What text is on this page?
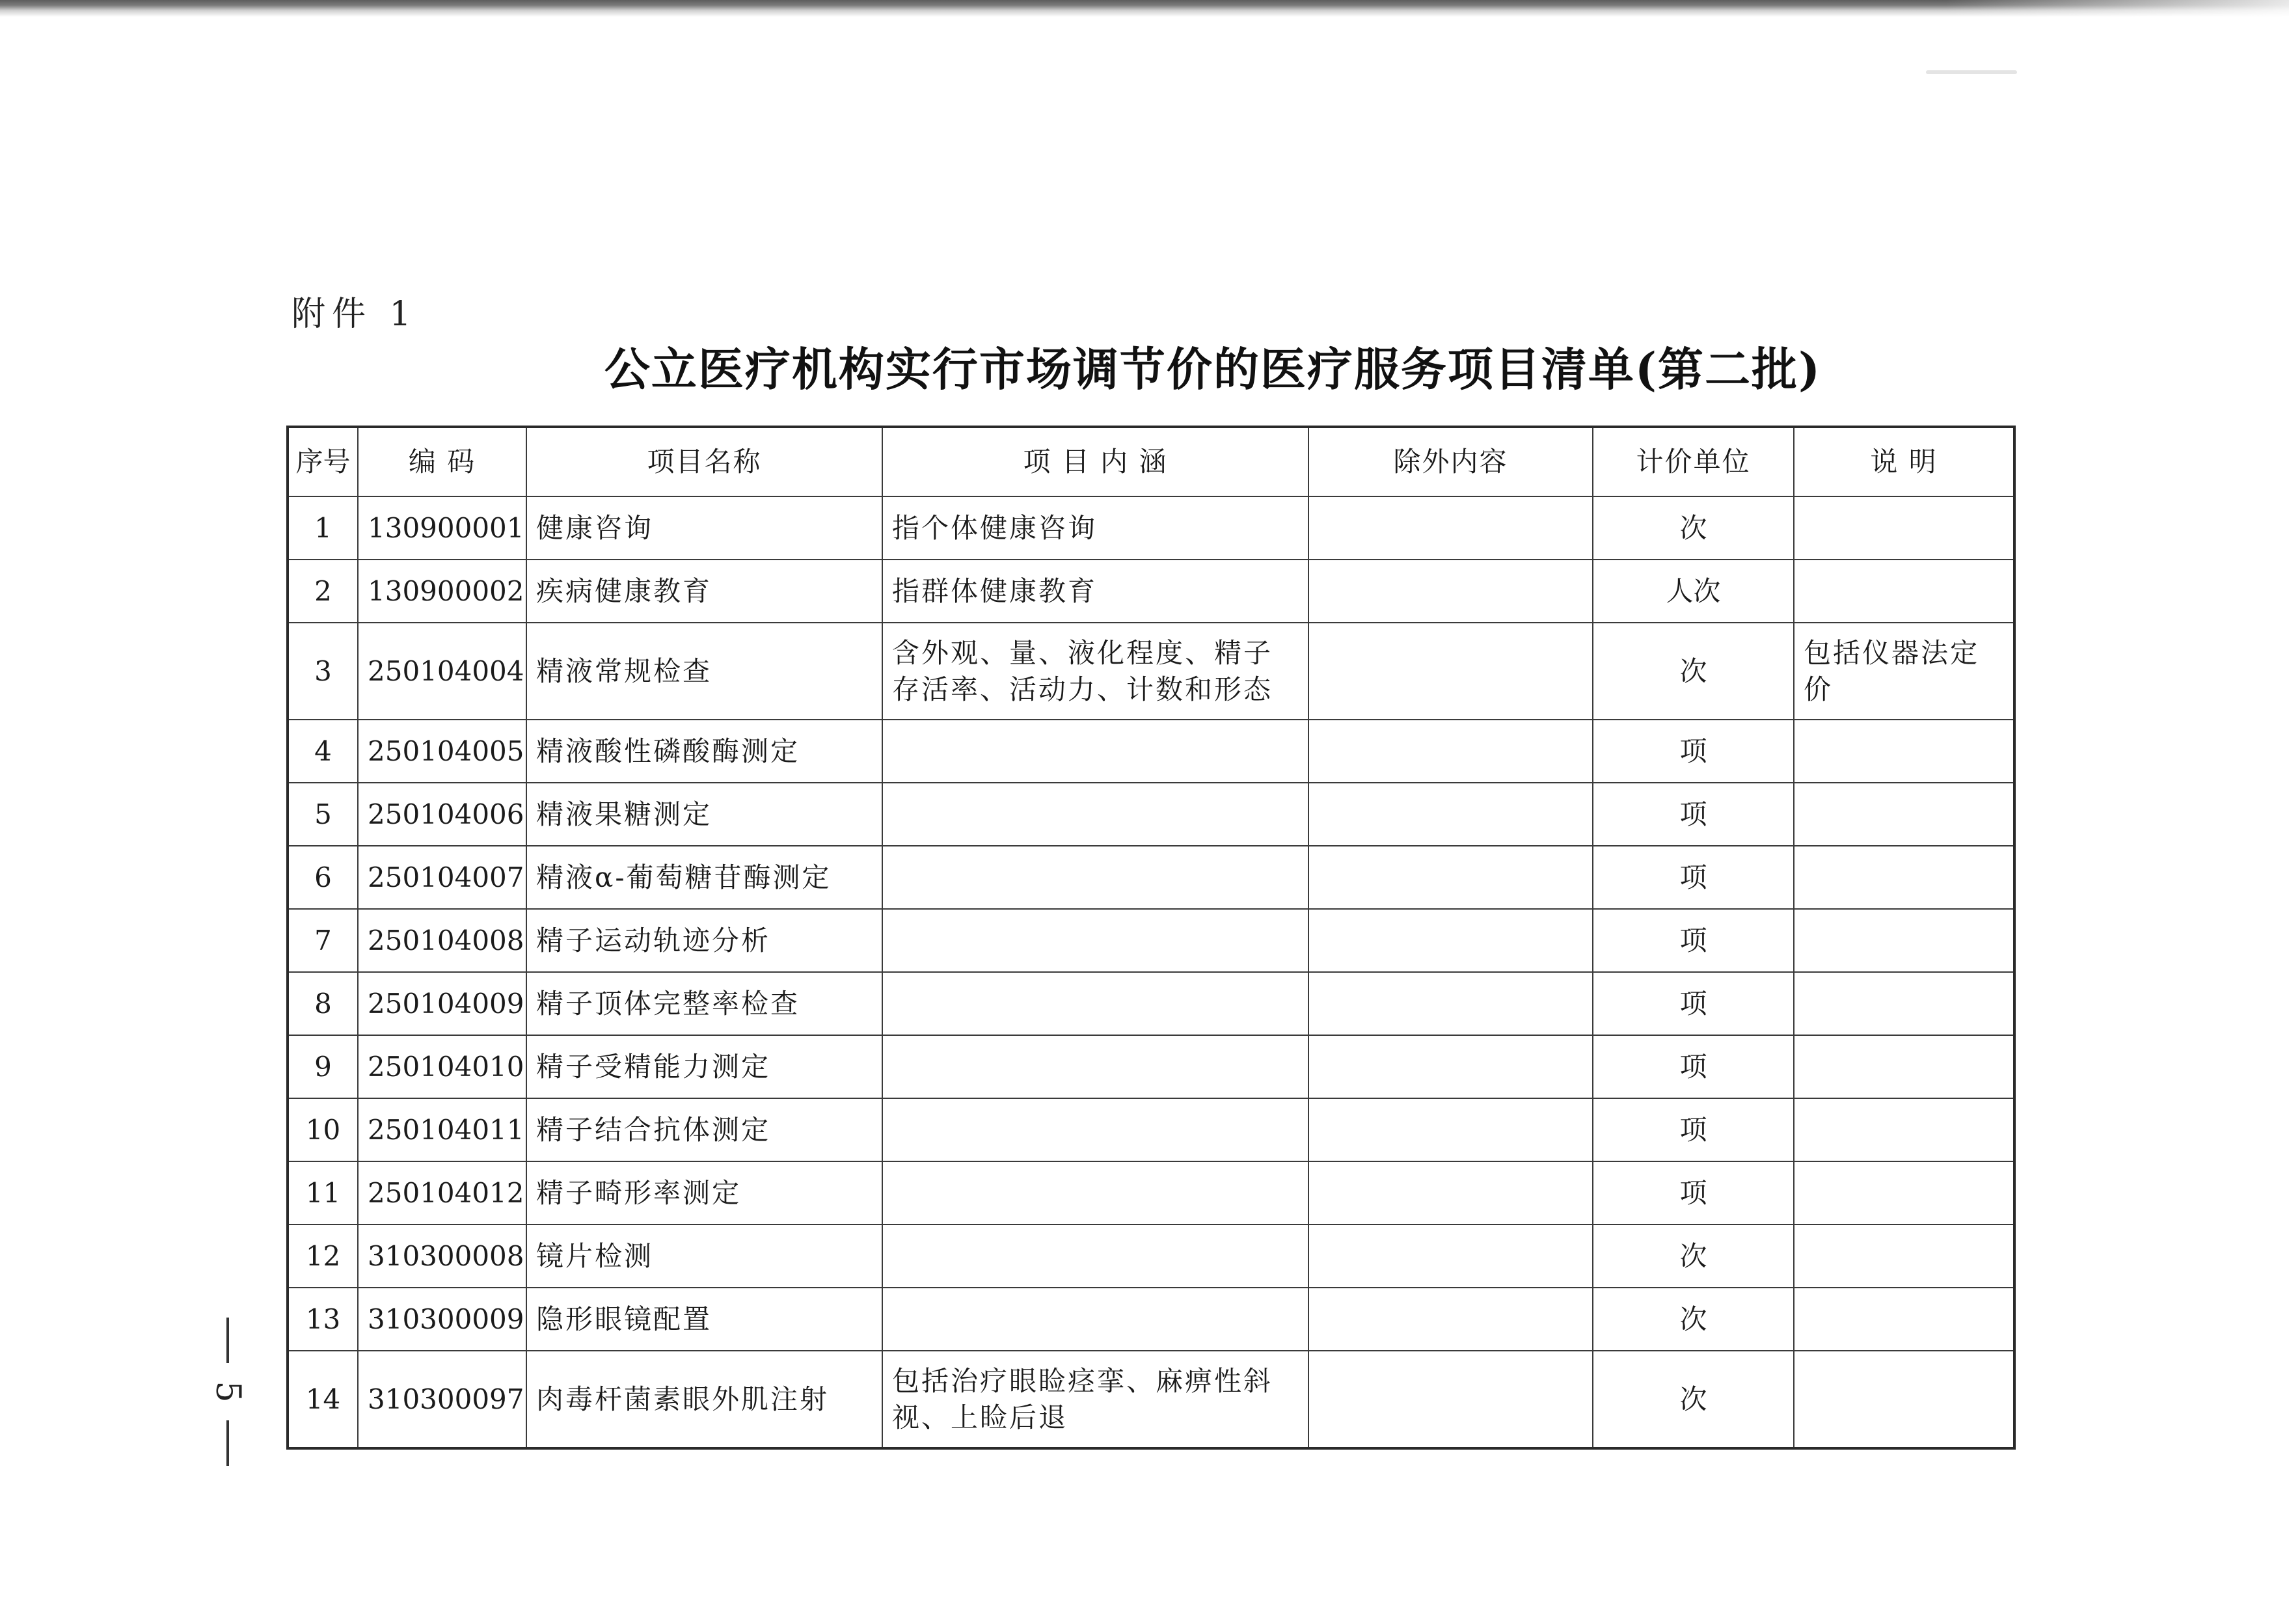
附件 1
公立医疗机构实行市场调节价的医疗服务项目清单(第二批)
序号	编 码	项目名称	项 目 内 涵	除外内容	计价单位	说 明
1	130900001	健康咨询	指个体健康咨询		次	
2	130900002	疾病健康教育	指群体健康教育		人次	
3	250104004	精液常规检查	含外观、量、液化程度、精子存活率、活动力、计数和形态		次	包括仪器法定价
4	250104005	精液酸性磷酸酶测定			项	
5	250104006	精液果糖测定			项	
6	250104007	精液α-葡萄糖苷酶测定			项	
7	250104008	精子运动轨迹分析			项	
8	250104009	精子顶体完整率检查			项	
9	250104010	精子受精能力测定			项	
10	250104011	精子结合抗体测定			项	
11	250104012	精子畸形率测定			项	
12	310300008	镜片检测			次	
13	310300009	隐形眼镜配置			次	
14	310300097	肉毒杆菌素眼外肌注射	包括治疗眼睑痉挛、麻痹性斜视、上睑后退		次	
5
